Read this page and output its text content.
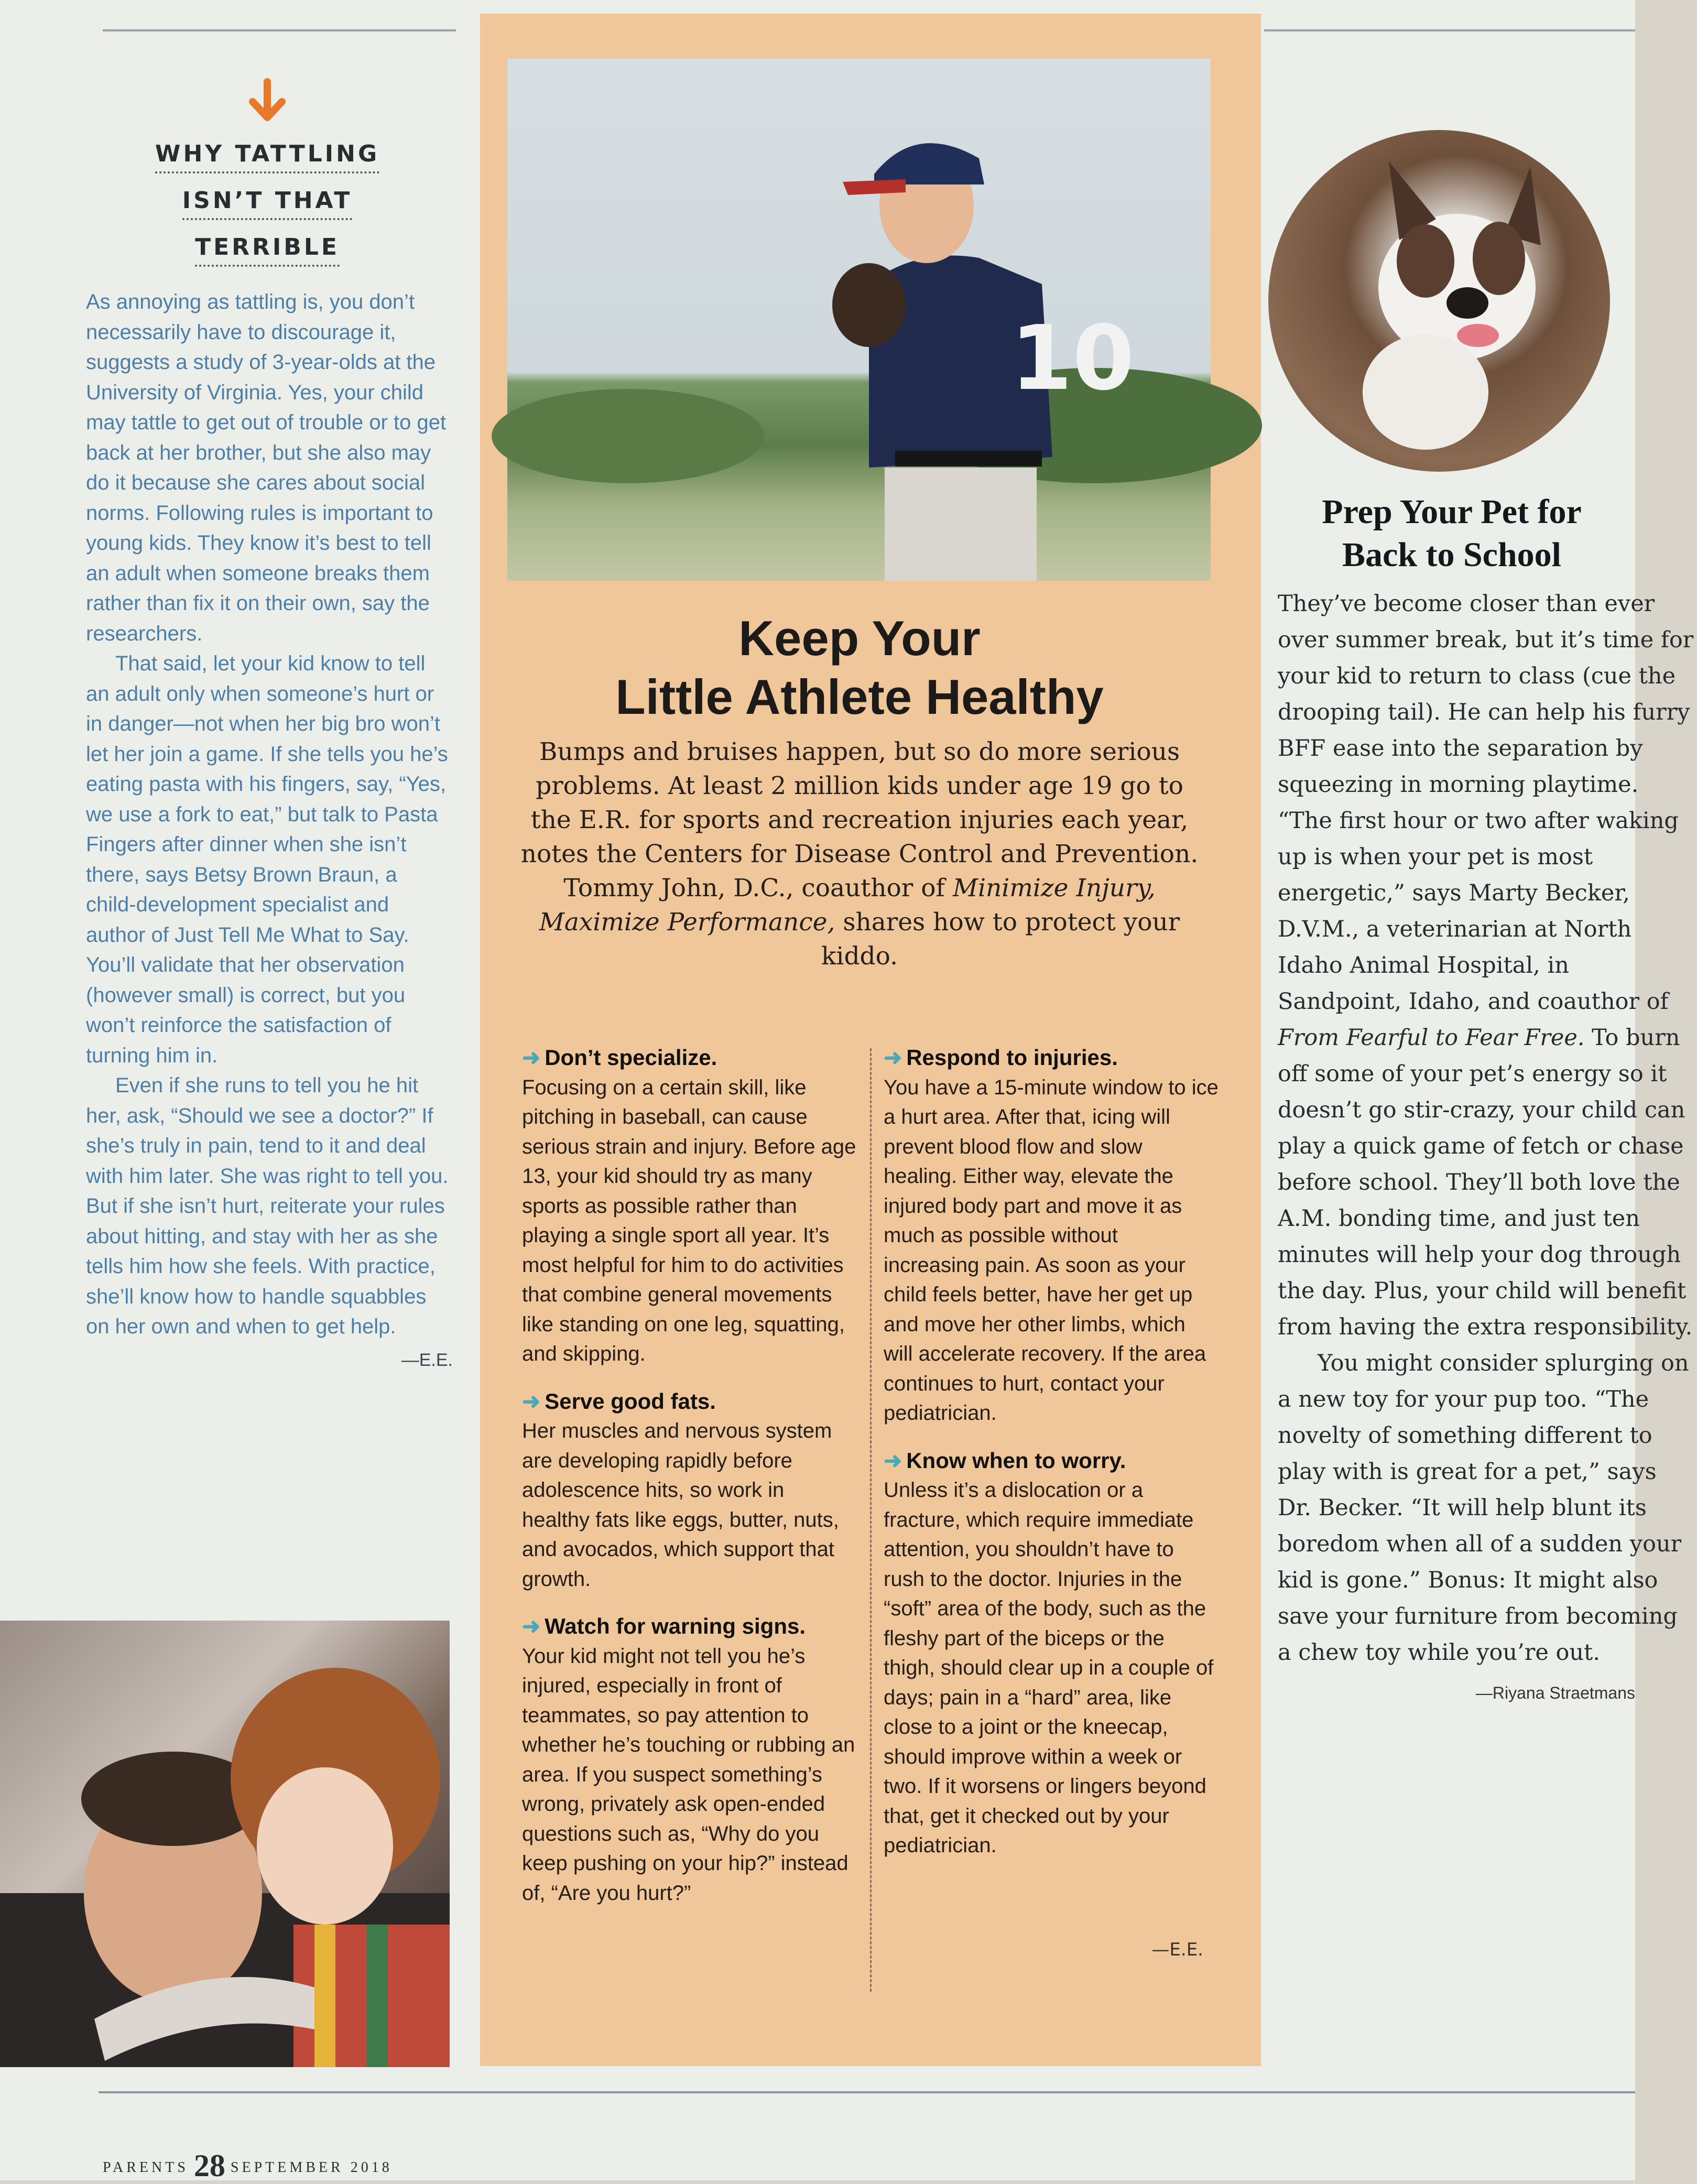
WHY TATTLING
ISN’T THAT
TERRIBLE

As annoying as tattling is, you don’t necessarily have to discourage it, suggests a study of 3-year-olds at the University of Virginia. Yes, your child may tattle to get out of trouble or to get back at her brother, but she also may do it because she cares about social norms. Following rules is important to young kids. They know it’s best to tell an adult when someone breaks them rather than fix it on their own, say the researchers.

That said, let your kid know to tell an adult only when someone’s hurt or in danger—not when her big bro won’t let her join a game. If she tells you he’s eating pasta with his fingers, say, “Yes, we use a fork to eat,” but talk to Pasta Fingers after dinner when she isn’t there, says Betsy Brown Braun, a child-development specialist and author of Just Tell Me What to Say. You’ll validate that her observation (however small) is correct, but you won’t reinforce the satisfaction of turning him in.

Even if she runs to tell you he hit her, ask, “Should we see a doctor?” If she’s truly in pain, tend to it and deal with him later. She was right to tell you. But if she isn’t hurt, reiterate your rules about hitting, and stay with her as she tells him how she feels. With practice, she’ll know how to handle squabbles on her own and when to get help.

—E.E.
10
Keep Your
Little Athlete Healthy
Bumps and bruises happen, but so do more serious problems. At least 2 million kids under age 19 go to the E.R. for sports and recreation injuries each year, notes the Centers for Disease Control and Prevention. Tommy John, D.C., coauthor of Minimize Injury, Maximize Performance, shares how to protect your kiddo.
➜ Don’t specialize.

Focusing on a certain skill, like pitching in baseball, can cause serious strain and injury. Before age 13, your kid should try as many sports as possible rather than playing a single sport all year. It’s most helpful for him to do activities that combine general movements like standing on one leg, squatting, and skipping.

➜ Serve good fats.

Her muscles and nervous system are developing rapidly before adolescence hits, so work in healthy fats like eggs, butter, nuts, and avocados, which support that growth.

➜ Watch for warning signs.

Your kid might not tell you he’s injured, especially in front of teammates, so pay attention to whether he’s touching or rubbing an area. If you suspect something’s wrong, privately ask open-ended questions such as, “Why do you keep pushing on your hip?” instead of, “Are you hurt?”

➜ Respond to injuries.

You have a 15-minute window to ice a hurt area. After that, icing will prevent blood flow and slow healing. Either way, elevate the injured body part and move it as much as possible without increasing pain. As soon as your child feels better, have her get up and move her other limbs, which will accelerate recovery. If the area continues to hurt, contact your pediatrician.

➜ Know when to worry.

Unless it’s a dislocation or a fracture, which require immediate attention, you shouldn’t have to rush to the doctor. Injuries in the “soft” area of the body, such as the fleshy part of the biceps or the thigh, should clear up in a couple of days; pain in a “hard” area, like close to a joint or the kneecap, should improve within a week or two. If it worsens or lingers beyond that, get it checked out by your pediatrician.

—E.E.
Prep Your Pet for
Back to School

They’ve become closer than ever over summer break, but it’s time for your kid to return to class (cue the drooping tail). He can help his furry BFF ease into the separation by squeezing in morning playtime. “The first hour or two after waking up is when your pet is most energetic,” says Marty Becker, D.V.M., a veterinarian at North Idaho Animal Hospital, in Sandpoint, Idaho, and coauthor of From Fearful to Fear Free. To burn off some of your pet’s energy so it doesn’t go stir-crazy, your child can play a quick game of fetch or chase before school. They’ll both love the A.M. bonding time, and just ten minutes will help your dog through the day. Plus, your child will benefit from having the extra responsibility.

You might consider splurging on a new toy for your pup too. “The novelty of something different to play with is great for a pet,” says Dr. Becker. “It will help blunt its boredom when all of a sudden your kid is gone.” Bonus: It might also save your furniture from becoming a chew toy while you’re out.

—Riyana Straetmans
PARENTS 28 SEPTEMBER 2018
